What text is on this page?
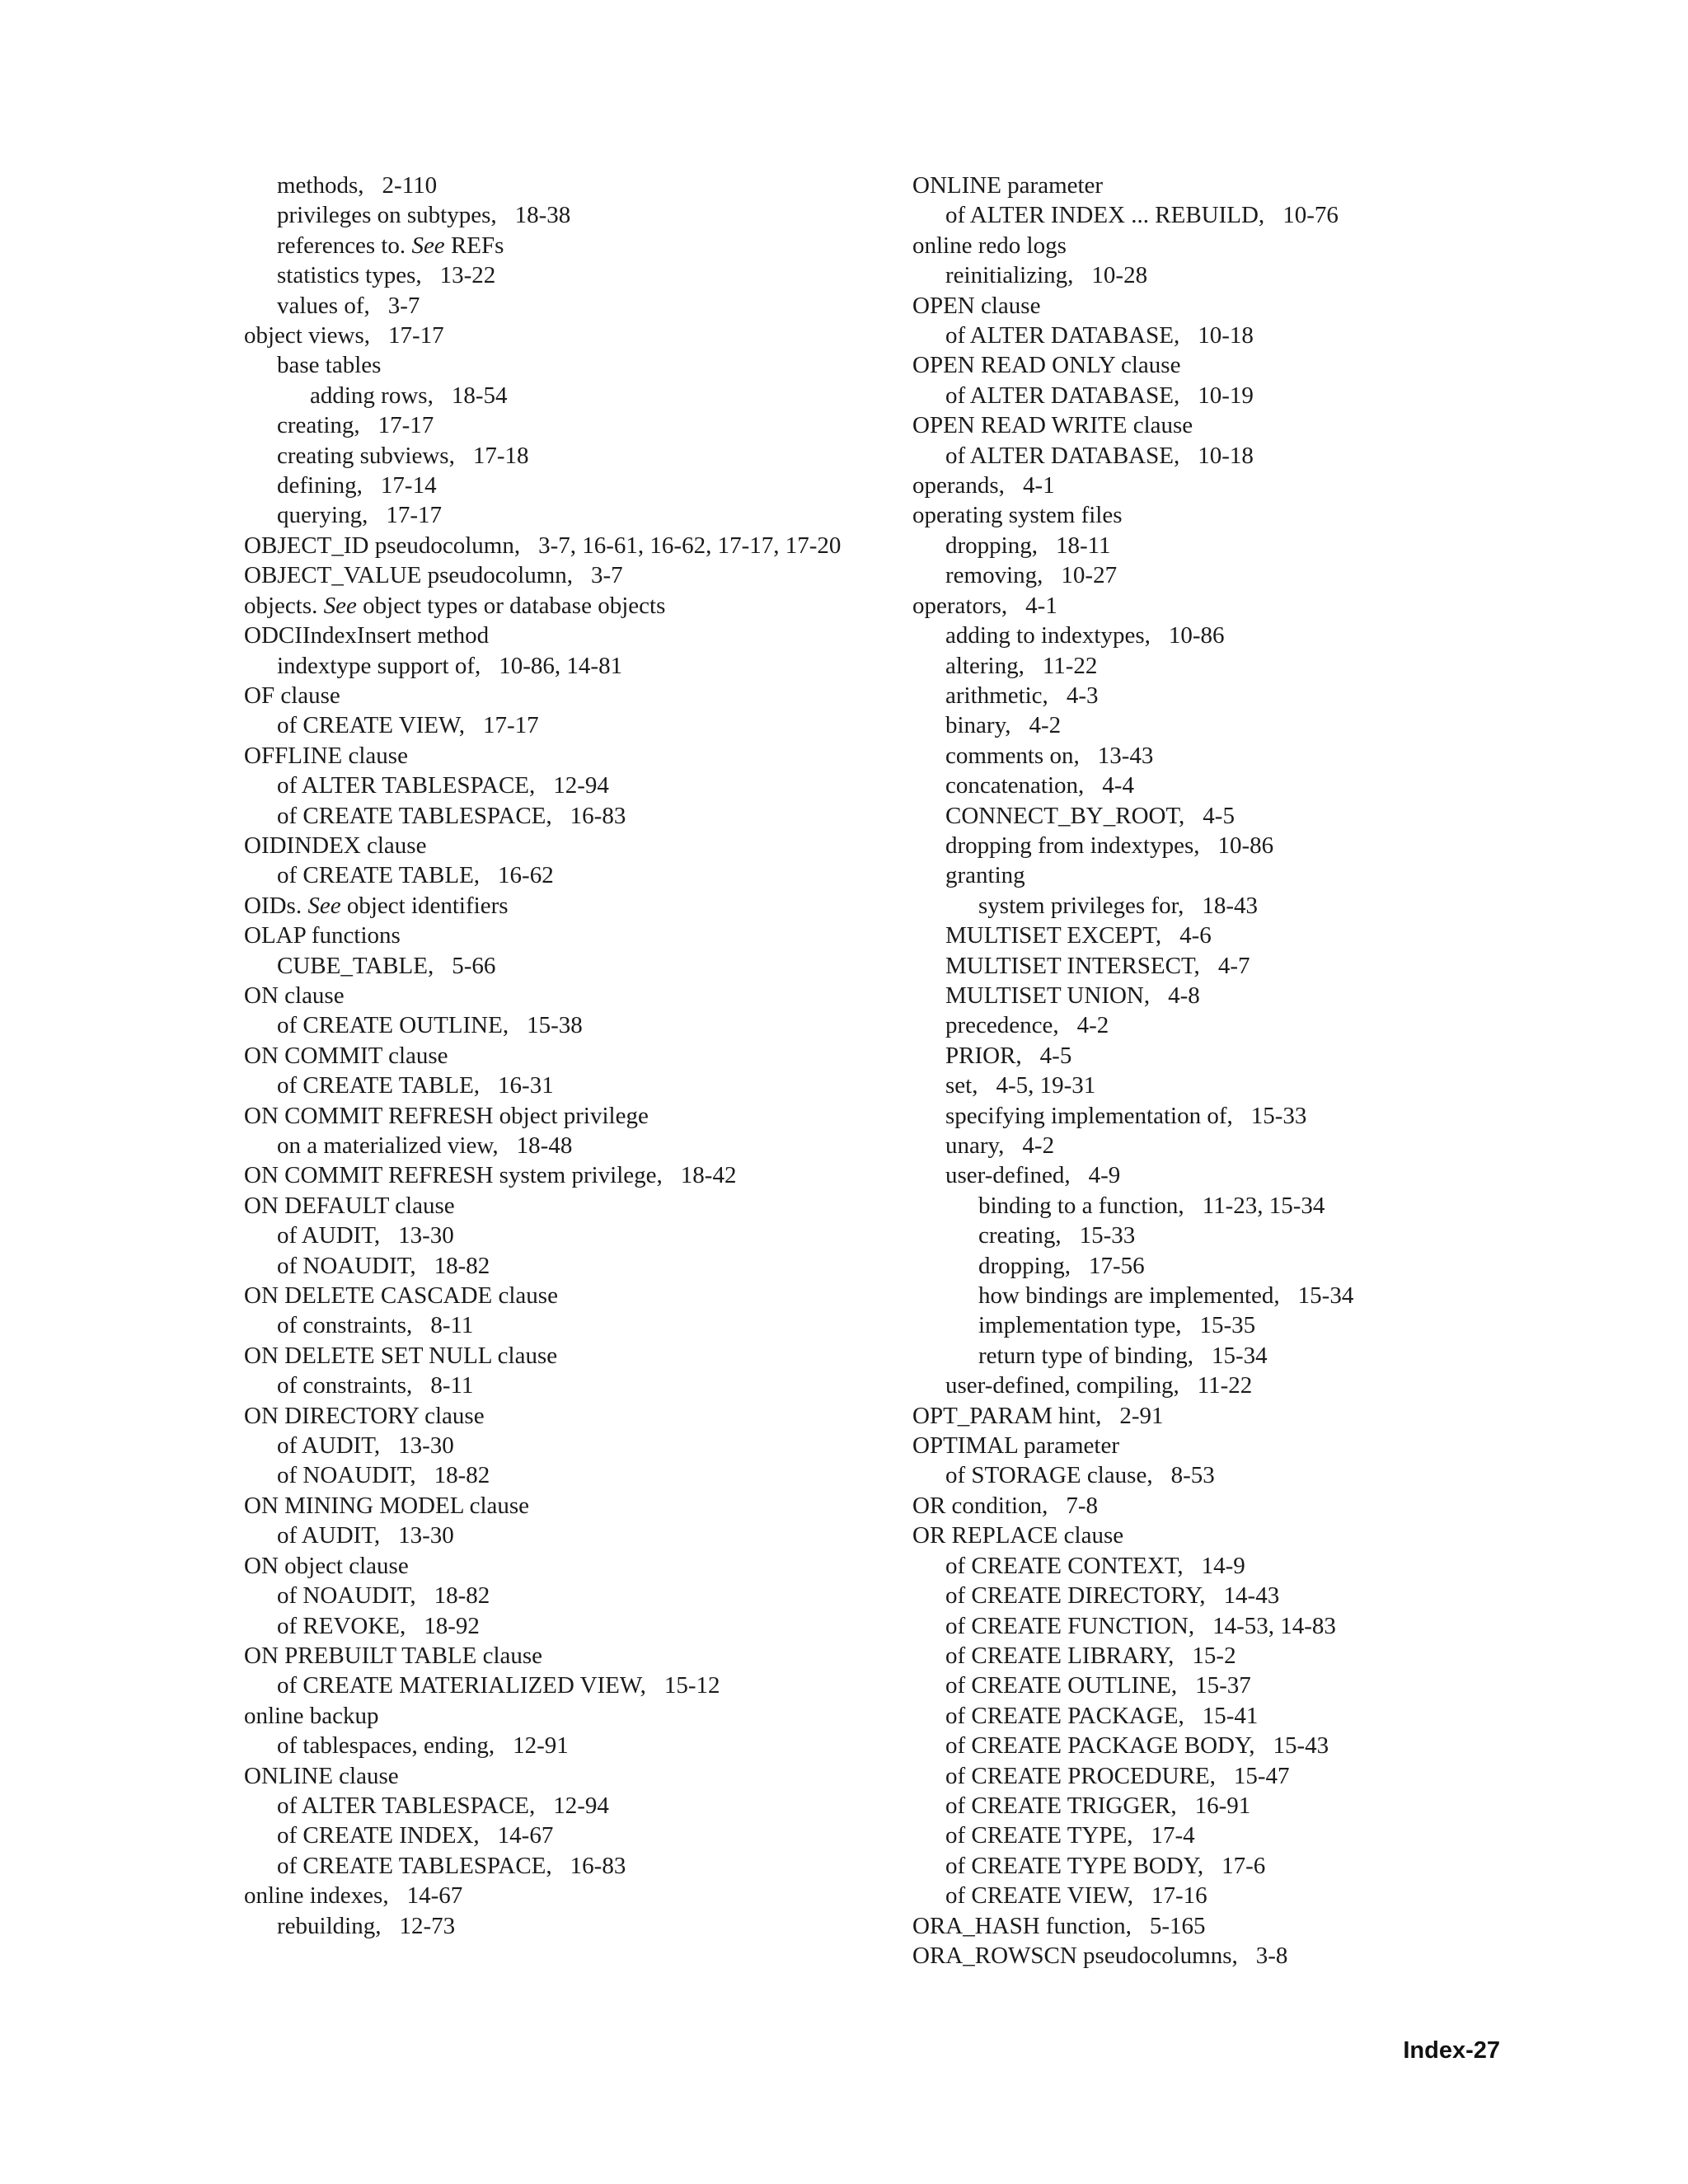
methods, 2-110
privileges on subtypes, 18-38
references to. See REFs
statistics types, 13-22
values of, 3-7
object views, 17-17
base tables
adding rows, 18-54
creating, 17-17
creating subviews, 17-18
defining, 17-14
querying, 17-17
OBJECT_ID pseudocolumn, 3-7, 16-61, 16-62, 17-17, 17-20
OBJECT_VALUE pseudocolumn, 3-7
objects. See object types or database objects
ODCIIndexInsert method
indextype support of, 10-86, 14-81
OF clause
of CREATE VIEW, 17-17
OFFLINE clause
of ALTER TABLESPACE, 12-94
of CREATE TABLESPACE, 16-83
OIDINDEX clause
of CREATE TABLE, 16-62
OIDs. See object identifiers
OLAP functions
CUBE_TABLE, 5-66
ON clause
of CREATE OUTLINE, 15-38
ON COMMIT clause
of CREATE TABLE, 16-31
ON COMMIT REFRESH object privilege
on a materialized view, 18-48
ON COMMIT REFRESH system privilege, 18-42
ON DEFAULT clause
of AUDIT, 13-30
of NOAUDIT, 18-82
ON DELETE CASCADE clause
of constraints, 8-11
ON DELETE SET NULL clause
of constraints, 8-11
ON DIRECTORY clause
of AUDIT, 13-30
of NOAUDIT, 18-82
ON MINING MODEL clause
of AUDIT, 13-30
ON object clause
of NOAUDIT, 18-82
of REVOKE, 18-92
ON PREBUILT TABLE clause
of CREATE MATERIALIZED VIEW, 15-12
online backup
of tablespaces, ending, 12-91
ONLINE clause
of ALTER TABLESPACE, 12-94
of CREATE INDEX, 14-67
of CREATE TABLESPACE, 16-83
online indexes, 14-67
rebuilding, 12-73
ONLINE parameter
of ALTER INDEX ... REBUILD, 10-76
online redo logs
reinitializing, 10-28
OPEN clause
of ALTER DATABASE, 10-18
OPEN READ ONLY clause
of ALTER DATABASE, 10-19
OPEN READ WRITE clause
of ALTER DATABASE, 10-18
operands, 4-1
operating system files
dropping, 18-11
removing, 10-27
operators, 4-1
adding to indextypes, 10-86
altering, 11-22
arithmetic, 4-3
binary, 4-2
comments on, 13-43
concatenation, 4-4
CONNECT_BY_ROOT, 4-5
dropping from indextypes, 10-86
granting
system privileges for, 18-43
MULTISET EXCEPT, 4-6
MULTISET INTERSECT, 4-7
MULTISET UNION, 4-8
precedence, 4-2
PRIOR, 4-5
set, 4-5, 19-31
specifying implementation of, 15-33
unary, 4-2
user-defined, 4-9
binding to a function, 11-23, 15-34
creating, 15-33
dropping, 17-56
how bindings are implemented, 15-34
implementation type, 15-35
return type of binding, 15-34
user-defined, compiling, 11-22
OPT_PARAM hint, 2-91
OPTIMAL parameter
of STORAGE clause, 8-53
OR condition, 7-8
OR REPLACE clause
of CREATE CONTEXT, 14-9
of CREATE DIRECTORY, 14-43
of CREATE FUNCTION, 14-53, 14-83
of CREATE LIBRARY, 15-2
of CREATE OUTLINE, 15-37
of CREATE PACKAGE, 15-41
of CREATE PACKAGE BODY, 15-43
of CREATE PROCEDURE, 15-47
of CREATE TRIGGER, 16-91
of CREATE TYPE, 17-4
of CREATE TYPE BODY, 17-6
of CREATE VIEW, 17-16
ORA_HASH function, 5-165
ORA_ROWSCN pseudocolumns, 3-8
Index-27
